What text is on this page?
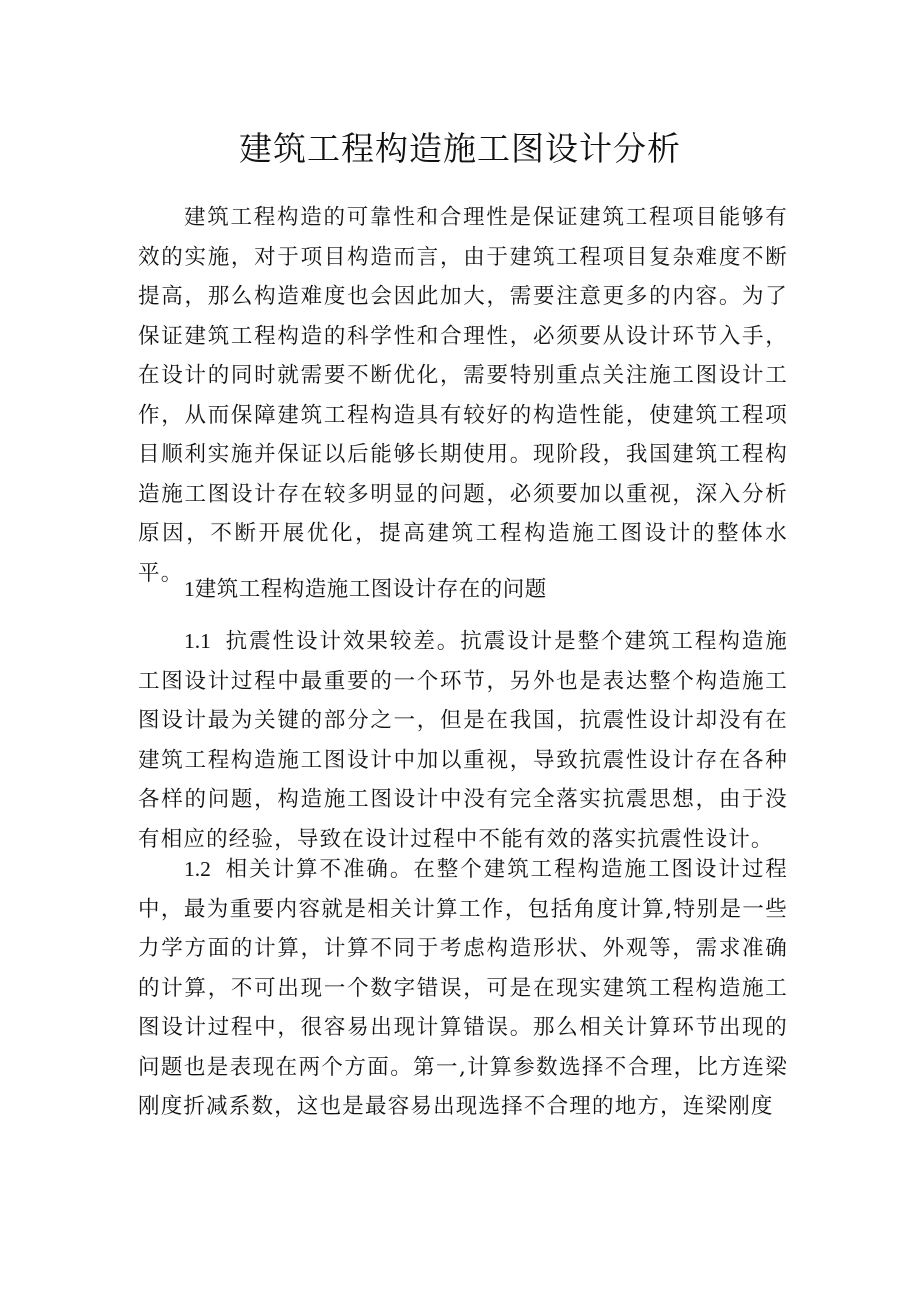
建筑工程构造施工图设计分析

建筑工程构造的可靠性和合理性是保证建筑工程项目能够有效的实施，对于项目构造而言，由于建筑工程项目复杂难度不断提高，那么构造难度也会因此加大，需要注意更多的内容。为了保证建筑工程构造的科学性和合理性，必须要从设计环节入手，在设计的同时就需要不断优化，需要特别重点关注施工图设计工作，从而保障建筑工程构造具有较好的构造性能，使建筑工程项目顺利实施并保证以后能够长期使用。现阶段，我国建筑工程构造施工图设计存在较多明显的问题，必须要加以重视，深入分析原因，不断开展优化，提高建筑工程构造施工图设计的整体水平。

1建筑工程构造施工图设计存在的问题

1.1 抗震性设计效果较差。抗震设计是整个建筑工程构造施工图设计过程中最重要的一个环节，另外也是表达整个构造施工图设计最为关键的部分之一，但是在我国，抗震性设计却没有在建筑工程构造施工图设计中加以重视，导致抗震性设计存在各种各样的问题，构造施工图设计中没有完全落实抗震思想，由于没有相应的经验，导致在设计过程中不能有效的落实抗震性设计。

1.2 相关计算不准确。在整个建筑工程构造施工图设计过程中，最为重要内容就是相关计算工作，包括角度计算,特别是一些力学方面的计算，计算不同于考虑构造形状、外观等，需求准确的计算，不可出现一个数字错误，可是在现实建筑工程构造施工图设计过程中，很容易出现计算错误。那么相关计算环节出现的问题也是表现在两个方面。第一,计算参数选择不合理，比方连梁刚度折减系数，这也是最容易出现选择不合理的地方，连梁刚度
